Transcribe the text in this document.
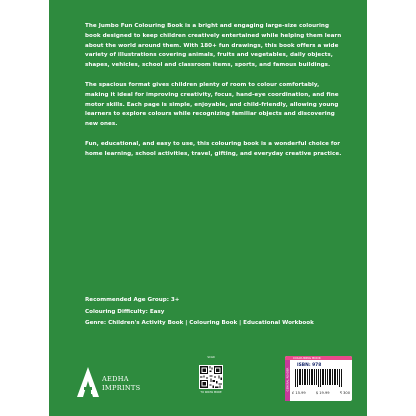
The Jumbo Fun Colouring Book is a bright and engaging large-size colouring book designed to keep children creatively entertained while helping them learn about the world around them. With 180+ fun drawings, this book offers a wide variety of illustrations covering animals, fruits and vegetables, daily objects, shapes, vehicles, school and classroom items, sports, and famous buildings.

The spacious format gives children plenty of room to colour comfortably, making it ideal for improving creativity, focus, hand-eye coordination, and fine motor skills. Each page is simple, enjoyable, and child-friendly, allowing young learners to explore colours while recognizing familiar objects and discovering new ones.

Fun, educational, and easy to use, this colouring book is a wonderful choice for home learning, school activities, travel, gifting, and everyday creative practice.

Recommended Age Group: 3+
Colouring Difficulty: Easy
Genre: Children's Activity Book | Colouring Book | Educational Workbook
AEDHA
IMPRINTS
SCAN
TO KNOW MORE
COLOURING BOOK
GENERAL READER
ISBN: 978
£ 15.99	$ 19.99	₹ 300
